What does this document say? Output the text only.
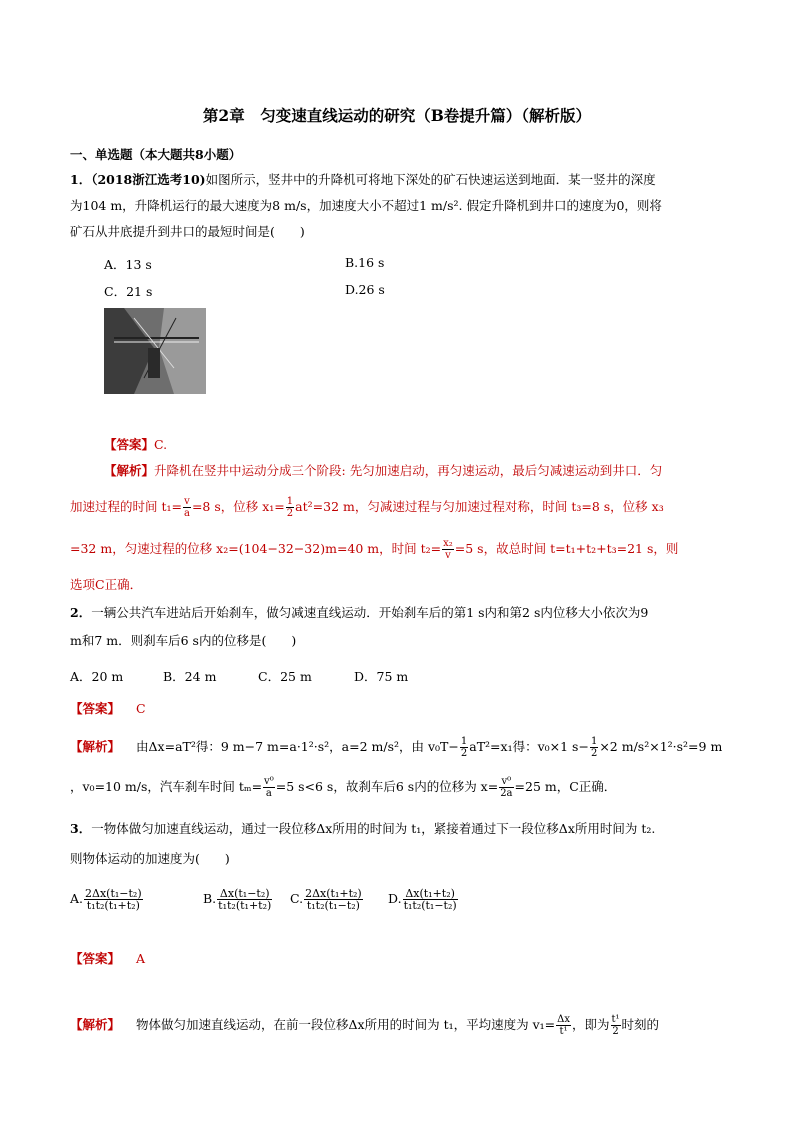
第2章　匀变速直线运动的研究（B卷提升篇）（解析版）
一、单选题（本大题共8小题）
1．（2018浙江选考10)如图所示，竖井中的升降机可将地下深处的矿石快速运送到地面．某一竖井的深度
为104 m，升降机运行的最大速度为8 m/s，加速度大小不超过1 m/s². 假定升降机到井口的速度为0，则将
矿石从井底提升到井口的最短时间是(　　)
A．13 s	B.16 s
C．21 s	D.26 s
【答案】C.
【解析】升降机在竖井中运动分成三个阶段: 先匀加速启动，再匀速运动，最后匀减速运动到井口．匀
加速过程的时间 $t_1= \frac{v}{a} =8$ s，位移 $x_1= \frac{1}{2} at^2=32$ m，匀减速过程与匀加速过程对称，时间 t₃=8 s，位移 x₃
=32 m，匀速过程的位移 x₂=(104−32−32)m=40 m，时间 $t_2= \frac{\text{x₂}}{v} =5$ s，故总时间 t=t₁+t₂+t₃=21 s，则
选项C正确．
2．一辆公共汽车进站后开始刹车，做匀减速直线运动．开始刹车后的第1 s内和第2 s内位移大小依次为9
m和7 m．则刹车后6 s内的位移是(　　)
A．20 m	B．24 m	C．25 m	D．75 m
【答案】 C
【解析】 由Δx=aT²得：9 m−7 m=a·1²·s²，a=2 m/s²，由 $v_0T- \frac{1}{2} aT^2=x_1$得：v₀×1 $s- \frac{1}{2} \times 2$ m/s²×1²·s²=9 m
，v₀=10 m/s，汽车刹车时间 $t_m= \frac{\text{v⁰}}{a} =5$ s<6 s，故刹车后6 s内的位移为 $x= \frac{\text{v⁰}}{2a} =25$ m，C正确．
3．一物体做匀加速直线运动，通过一段位移Δx所用的时间为 t₁，紧接着通过下一段位移Δx所用时间为 t₂.
则物体运动的加速度为(　　)
A. $\frac{\text{2Δx(t₁−t₂)}}{\text{t₁t₂(t₁+t₂)}}$	B. $\frac{\text{Δx(t₁−t₂)}}{\text{t₁t₂(t₁+t₂)}} C$. $\frac{\text{2Δx(t₁+t₂)}}{\text{t₁t₂(t₁−t₂)}} D$. $\frac{\text{Δx(t₁+t₂)}}{\text{t₁t₂(t₁−t₂)}}$
【答案】 A
【解析】 物体做匀加速直线运动，在前一段位移Δx所用的时间为 t₁，平均速度为 $v_1= \frac{\Delta x}{\text{t¹}}$ ，即为 $\frac{\text{t¹}}{2}$ 时刻的
